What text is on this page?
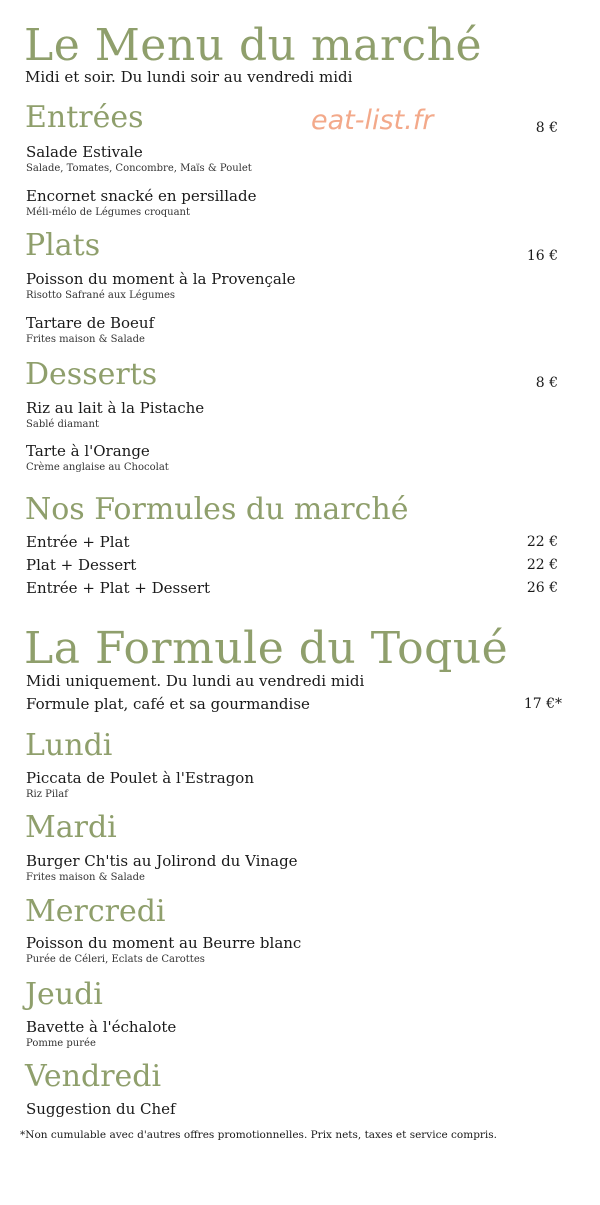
Le Menu du marché
Midi et soir. Du lundi soir au vendredi midi
Entrées	eat-list.fr	8 €
Salade Estivale
Salade, Tomates, Concombre, Maïs & Poulet
Encornet snacké en persillade
Méli-mélo de Légumes croquant
Plats	16 €
Poisson du moment à la Provençale
Risotto Safrané aux Légumes
Tartare de Boeuf
Frites maison & Salade
Desserts	8 €
Riz au lait à la Pistache
Sablé diamant
Tarte à l'Orange
Crème anglaise au Chocolat
Nos Formules du marché
Entrée + Plat	22 €
Plat + Dessert	22 €
Entrée + Plat + Dessert	26 €
La Formule du Toqué
Midi uniquement. Du lundi au vendredi midi
Formule plat, café et sa gourmandise	17 €*
Lundi
Piccata de Poulet à l'Estragon
Riz Pilaf
Mardi
Burger Ch'tis au Jolirond du Vinage
Frites maison & Salade
Mercredi
Poisson du moment au Beurre blanc
Purée de Céleri, Eclats de Carottes
Jeudi
Bavette à l'échalote
Pomme purée
Vendredi
Suggestion du Chef
*Non cumulable avec d'autres offres promotionnelles. Prix nets, taxes et service compris.
